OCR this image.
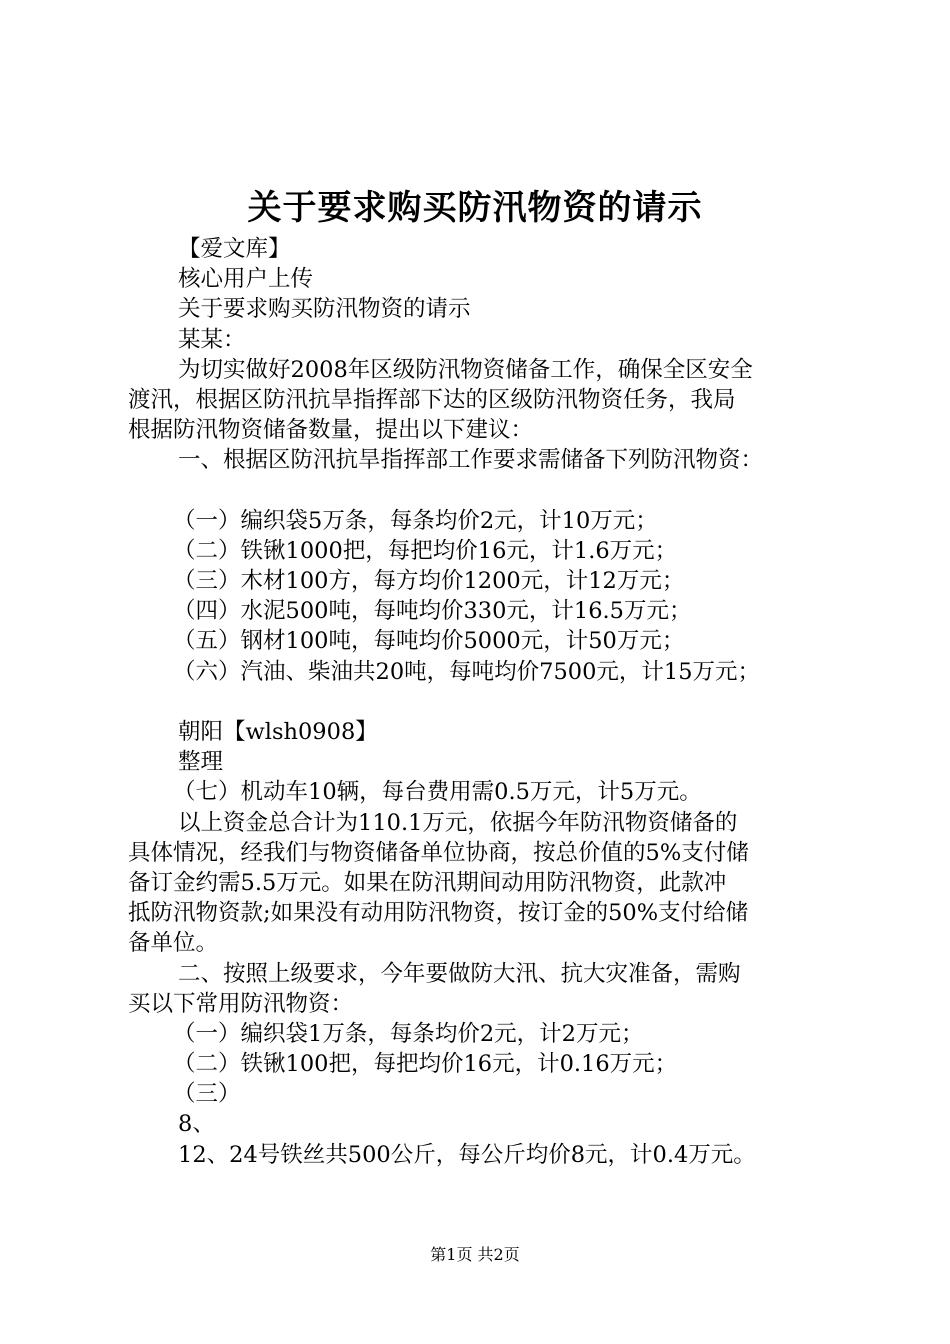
关于要求购买防汛物资的请示
【爱文库】
核心用户上传
关于要求购买防汛物资的请示
某某：
为切实做好2008年区级防汛物资储备工作，确保全区安全
渡汛，根据区防汛抗旱指挥部下达的区级防汛物资任务，我局
根据防汛物资储备数量，提出以下建议：
一、根据区防汛抗旱指挥部工作要求需储备下列防汛物资：
（一）编织袋5万条，每条均价2元，计10万元；
（二）铁锹1000把，每把均价16元，计1.6万元；
（三）木材100方，每方均价1200元，计12万元；
（四）水泥500吨，每吨均价330元，计16.5万元；
（五）钢材100吨，每吨均价5000元，计50万元；
（六）汽油、柴油共20吨，每吨均价7500元，计15万元；
朝阳【wlsh0908】
整理
（七）机动车10辆，每台费用需0.5万元，计5万元。
以上资金总合计为110.1万元，依据今年防汛物资储备的
具体情况，经我们与物资储备单位协商，按总价值的5%支付储
备订金约需5.5万元。如果在防汛期间动用防汛物资，此款冲
抵防汛物资款;如果没有动用防汛物资，按订金的50%支付给储
备单位。
二、按照上级要求，今年要做防大汛、抗大灾准备，需购
买以下常用防汛物资：
（一）编织袋1万条，每条均价2元，计2万元；
（二）铁锹100把，每把均价16元，计0.16万元；
（三）
8、
12、24号铁丝共500公斤，每公斤均价8元，计0.4万元。
第1页 共2页
